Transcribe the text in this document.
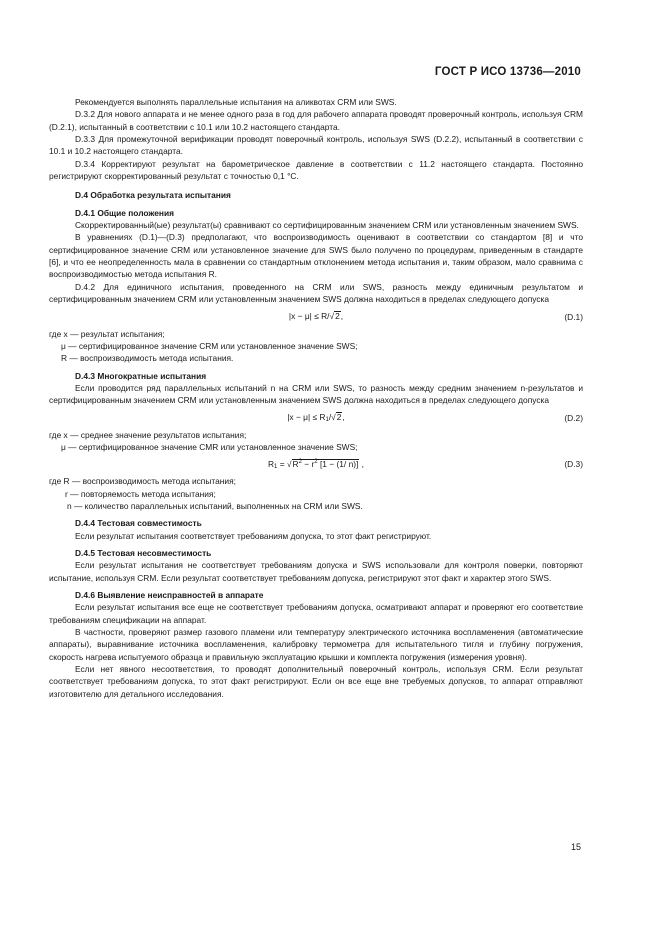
ГОСТ Р ИСО 13736—2010

Рекомендуется выполнять параллельные испытания на аликвотах CRM или SWS.

D.3.2 Для нового аппарата и не менее одного раза в год для рабочего аппарата проводят проверочный контроль, используя CRM (D.2.1), испытанный в соответствии с 10.1 или 10.2 настоящего стандарта.

D.3.3 Для промежуточной верификации проводят поверочный контроль, используя SWS (D.2.2), испытанный в соответствии с 10.1 и 10.2 настоящего стандарта.

D.3.4 Корректируют результат на барометрическое давление в соответствии с 11.2 настоящего стандарта. Постоянно регистрируют скорректированный результат с точностью 0,1 °С.

D.4 Обработка результата испытания

D.4.1 Общие положения

Скорректированный(ые) результат(ы) сравнивают со сертифицированным значением CRM или установленным значением SWS.

В уравнениях (D.1)—(D.3) предполагают, что воспроизводимость оценивают в соответствии со стандартом [8] и что сертифицированное значение CRM или установленное значение для SWS было получено по процедурам, приведенным в стандарте [6], и что ее неопределенность мала в сравнении со стандартным отклонением метода испытания и, таким образом, мало сравнима с воспроизводимостью метода испытания R.

D.4.2 Для единичного испытания, проведенного на CRM или SWS, разность между единичным результатом и сертифицированным значением CRM или установленным значением SWS должна находиться в пределах следующего допуска

|x − μ| ≤ R/√2,	(D.1)

где x — результат испытания;

μ — сертифицированное значение CRM или установленное значение SWS;

R — воспроизводимость метода испытания.

D.4.3 Многократные испытания

Если проводится ряд параллельных испытаний n на CRM или SWS, то разность между средним значением n-результатов и сертифицированным значением CRM или установленным значением SWS должна находиться в пределах следующего допуска

$|x - \mu| \le R_1/√2$,	(D.2)

где x — среднее значение результатов испытания;

μ — сертифицированное значение CMR или установленное значение SWS;

$R_1 = √R^2 - r^2$ [1 − (1/ n)] ,	(D.3)

где R — воспроизводимость метода испытания;

r — повторяемость метода испытания;

n — количество параллельных испытаний, выполненных на CRM или SWS.

D.4.4 Тестовая совместимость

Если результат испытания соответствует требованиям допуска, то этот факт регистрируют.

D.4.5 Тестовая несовместимость

Если результат испытания не соответствует требованиям допуска и SWS использовали для контроля поверки, повторяют испытание, используя CRM. Если результат соответствует требованиям допуска, регистрируют этот факт и характер этого SWS.

D.4.6 Выявление неисправностей в аппарате

Если результат испытания все еще не соответствует требованиям допуска, осматривают аппарат и проверяют его соответствие требованиям спецификации на аппарат.

В частности, проверяют размер газового пламени или температуру электрического источника воспламенения (автоматические аппараты), выравнивание источника воспламенения, калибровку термометра для испытательного тигля и глубину погружения, скорость нагрева испытуемого образца и правильную эксплуатацию крышки и комплекта погружения (измерения уровня).

Если нет явного несоответствия, то проводят дополнительный поверочный контроль, используя CRM. Если результат соответствует требованиям допуска, то этот факт регистрируют. Если он все еще вне требуемых допусков, то аппарат отправляют изготовителю для детального исследования.

15
